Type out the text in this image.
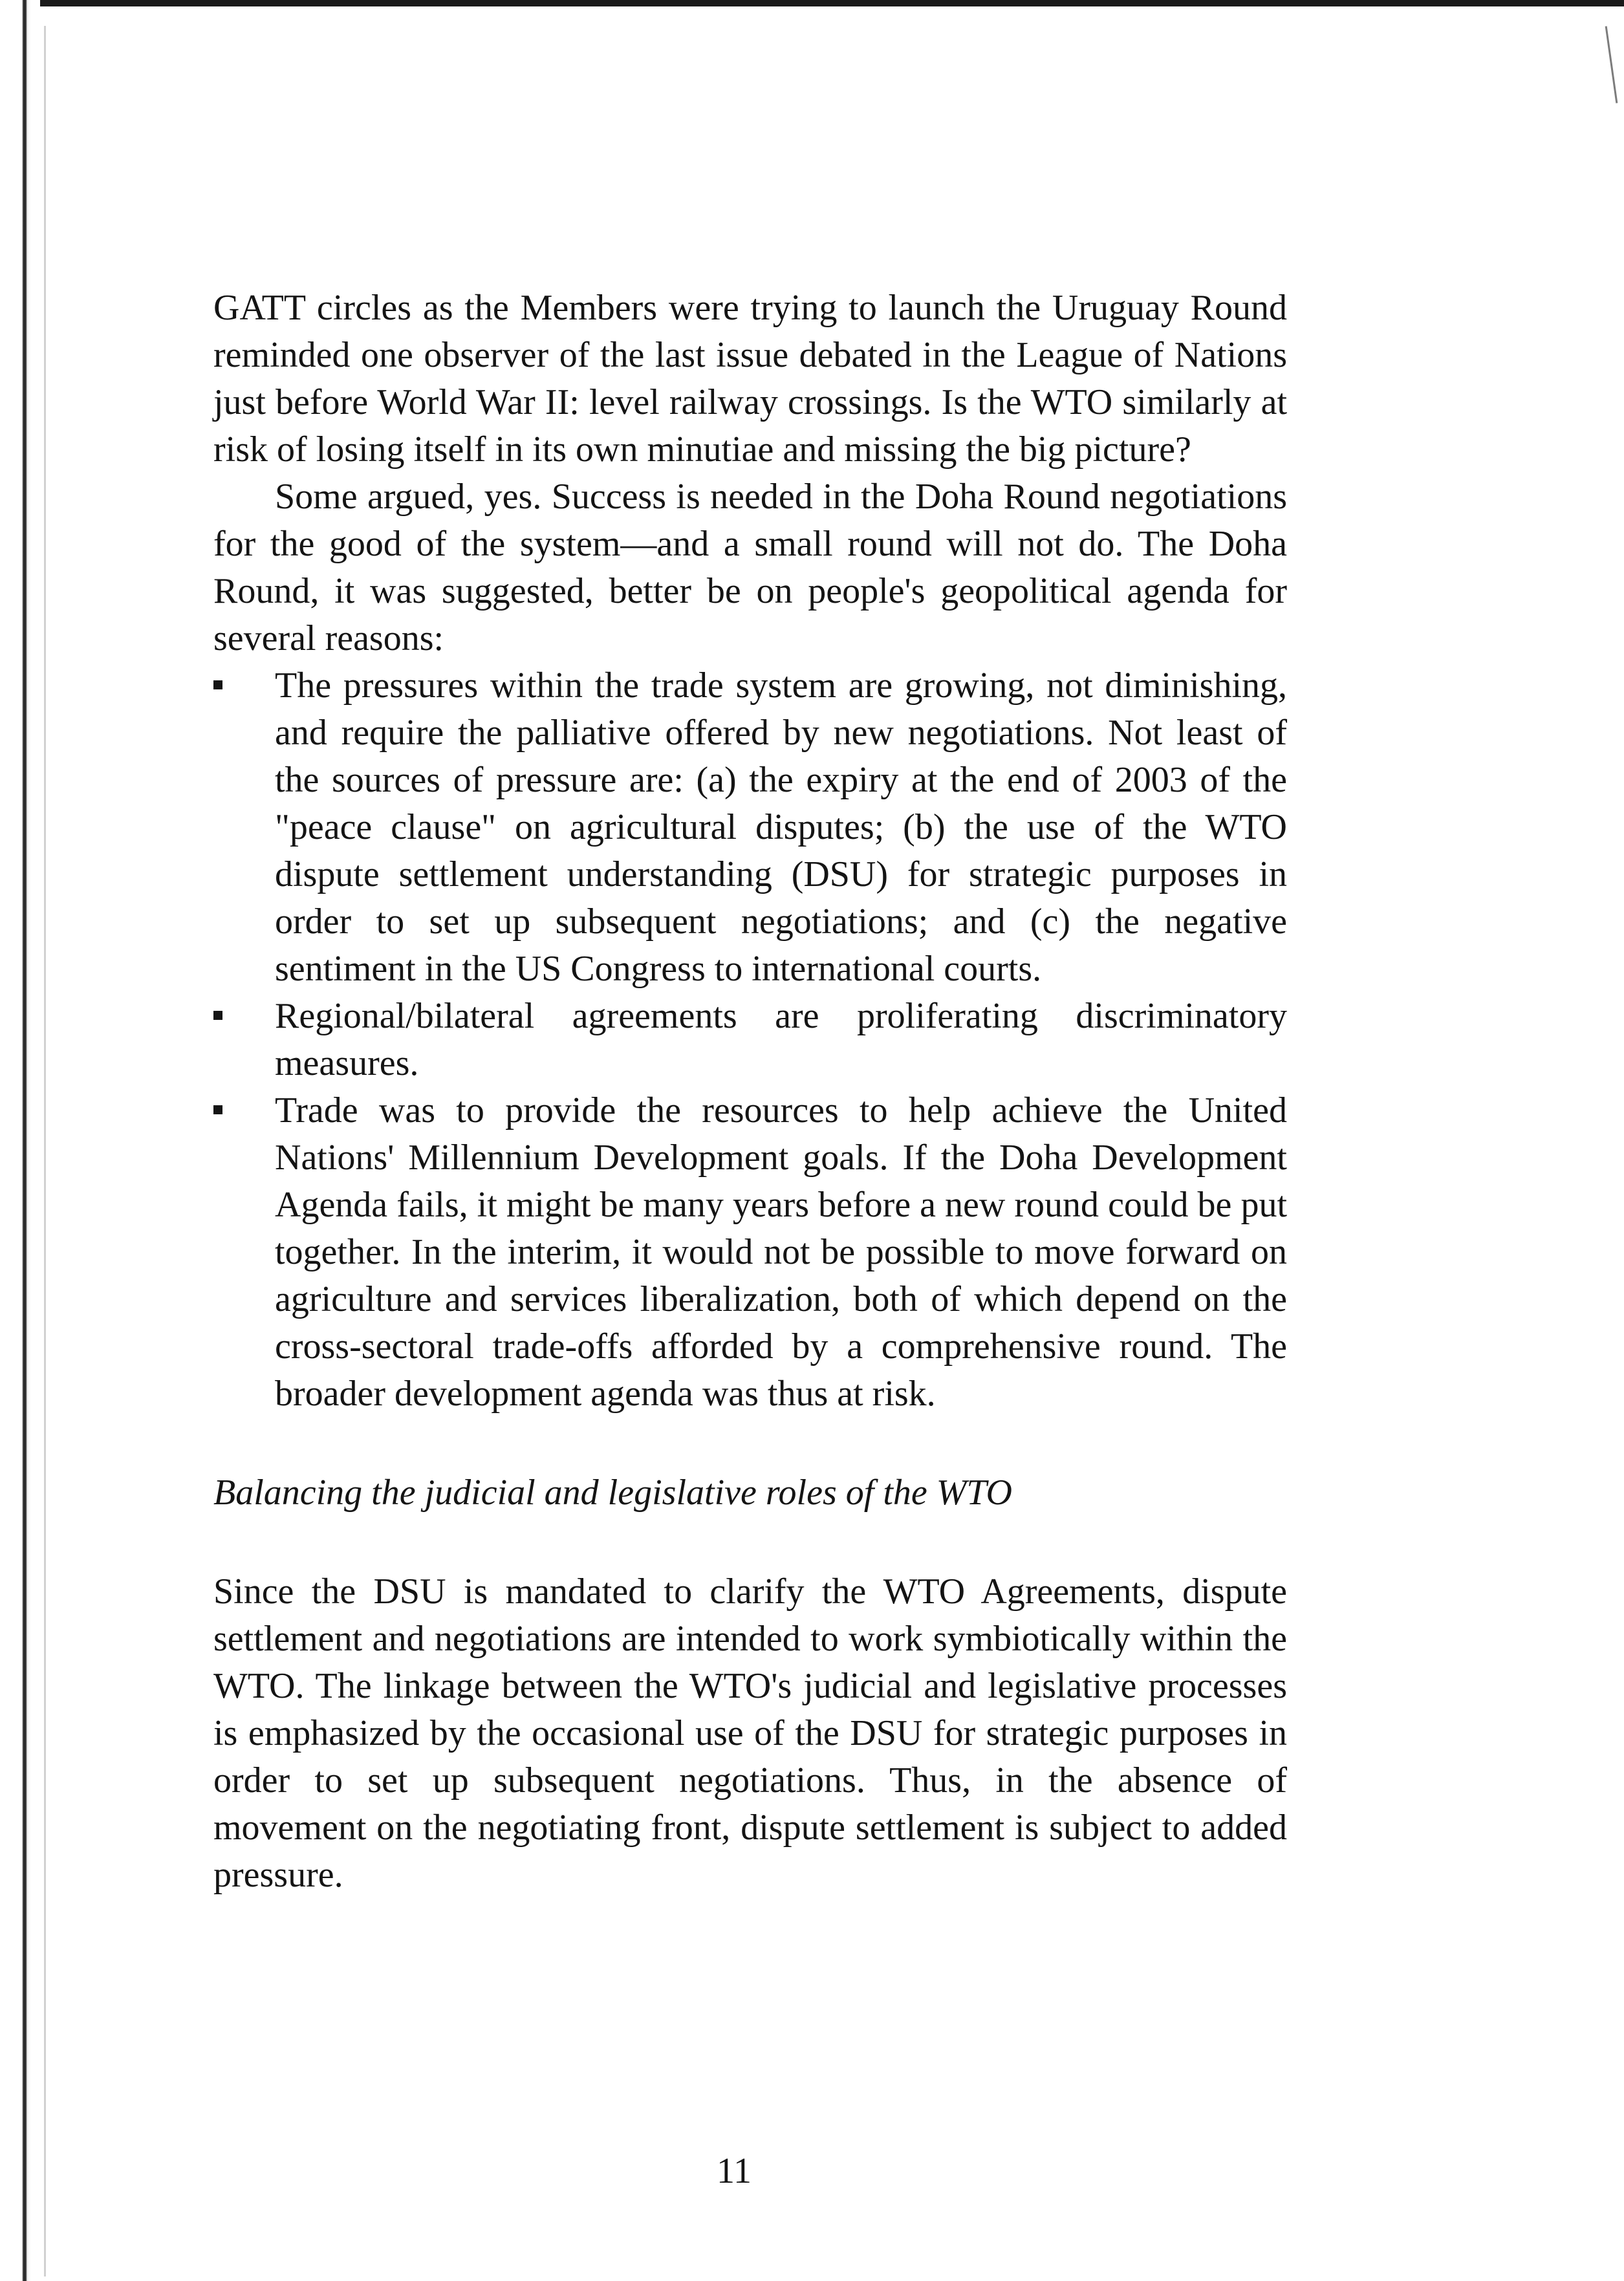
GATT circles as the Members were trying to launch the Uruguay Round reminded one observer of the last issue debated in the League of Nations just before World War II: level railway crossings. Is the WTO similarly at risk of losing itself in its own minutiae and missing the big picture?

Some argued, yes. Success is needed in the Doha Round negotiations for the good of the system—and a small round will not do. The Doha Round, it was suggested, better be on people's geopolitical agenda for several reasons:

The pressures within the trade system are growing, not diminishing, and require the palliative offered by new negotiations. Not least of the sources of pressure are: (a) the expiry at the end of 2003 of the "peace clause" on agricultural disputes; (b) the use of the WTO dispute settlement understanding (DSU) for strategic purposes in order to set up subsequent negotiations; and (c) the negative sentiment in the US Congress to international courts.
Regional/bilateral agreements are proliferating discriminatory measures.
Trade was to provide the resources to help achieve the United Nations' Millennium Development goals. If the Doha Development Agenda fails, it might be many years before a new round could be put together. In the interim, it would not be possible to move forward on agriculture and services liberalization, both of which depend on the cross-sectoral trade-offs afforded by a comprehensive round. The broader development agenda was thus at risk.
Balancing the judicial and legislative roles of the WTO

Since the DSU is mandated to clarify the WTO Agreements, dispute settlement and negotiations are intended to work symbiotically within the WTO. The linkage between the WTO's judicial and legislative processes is emphasized by the occasional use of the DSU for strategic purposes in order to set up subsequent negotiations. Thus, in the absence of movement on the negotiating front, dispute settlement is subject to added pressure.

11
